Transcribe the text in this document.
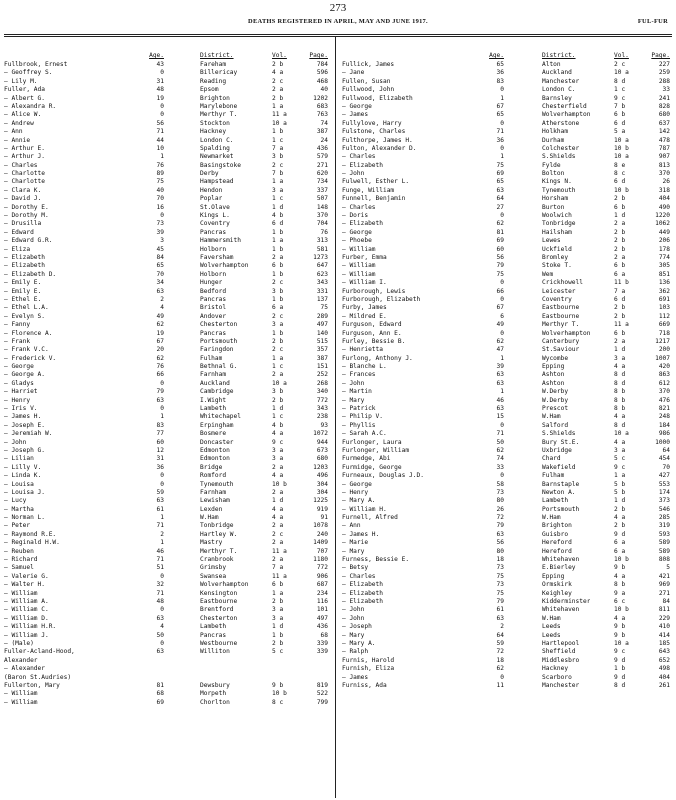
273
DEATHS REGISTERED IN APRIL, MAY AND JUNE 1917.	FUL-FUR
Age.	District.	Vol.	Page.
Fullbrook, Ernest	43	Fareham	2 b	784
— Geoffrey S.	0	Billericay	4 a	596
— Lily M.	31	Reading	2 c	468
Fuller, Ada	48	Epsom	2 a	40
— Albert G.	19	Brighton	2 b	1202
— Alexandra R.	0	Marylebone	1 a	683
— Alice W.	0	Merthyr T.	11 a	763
— Andrew	56	Stockton	10 a	74
— Ann	71	Hackney	1 b	387
— Annie	44	London C.	1 c	24
— Arthur E.	10	Spalding	7 a	436
— Arthur J.	1	Newmarket	3 b	579
— Charles	76	Basingstoke	2 c	271
— Charlotte	89	Derby	7 b	620
— Charlotte	75	Hampstead	1 a	734
— Clara K.	40	Hendon	3 a	337
— David J.	70	Poplar	1 c	507
— Dorothy E.	16	St.Olave	1 d	148
— Dorothy M.	0	Kings L.	4 b	370
— Drusilla	73	Coventry	6 d	704
— Edward	39	Pancras	1 b	76
— Edward G.R.	3	Hammersmith	1 a	313
— Eliza	45	Holborn	1 b	581
— Elizabeth	84	Faversham	2 a	1273
— Elizabeth	65	Wolverhampton	6 b	647
— Elizabeth D.	70	Holborn	1 b	623
— Emily E.	34	Hunger	2 c	343
— Emily E.	63	Bedford	3 b	331
— Ethel E.	2	Pancras	1 b	137
— Ethel L.A.	4	Bristol	6 a	75
— Evelyn S.	49	Andover	2 c	289
— Fanny	62	Chesterton	3 a	497
— Florence A.	19	Pancras	1 b	140
— Frank	67	Portsmouth	2 b	515
— Frank V.C.	20	Faringdon	2 c	357
— Frederick V.	62	Fulham	1 a	387
— George	76	Bethnal G.	1 c	151
— George A.	66	Farnham	2 a	252
— Gladys	0	Auckland	10 a	268
— Harriet	79	Cambridge	3 b	340
— Henry	63	I.Wight	2 b	772
— Iris V.	0	Lambeth	1 d	343
— James H.	1	Whitechapel	1 c	238
— Joseph E.	83	Erpingham	4 b	93
— Jeremiah W.	77	Bosmere	4 a	1072
— John	60	Doncaster	9 c	944
— Joseph G.	12	Edmonton	3 a	673
— Lilian	31	Edmonton	3 a	680
— Lilly V.	36	Bridge	2 a	1203
— Linda K.	0	Romford	4 a	496
— Louisa	0	Tynemouth	10 b	304
— Louisa J.	59	Farnham	2 a	304
— Lucy	63	Lewisham	1 d	1225
— Martha	61	Lexden	4 a	919
— Norman L.	1	W.Ham	4 a	91
— Peter	71	Tonbridge	2 a	1078
— Raymond R.E.	2	Hartley W.	2 c	240
— Reginald H.W.	1	Mastry	2 a	1409
— Reuben	46	Merthyr T.	11 a	707
— Richard	71	Cranbrook	2 a	1180
— Samuel	51	Grimsby	7 a	772
— Valerie G.	0	Swansea	11 a	906
— Walter H.	32	Wolverhampton	6 b	687
— William	71	Kensington	1 a	234
— William A.	48	Eastbourne	2 b	116
— William C.	0	Brentford	3 a	101
— William D.	63	Chesterton	3 a	497
— William H.R.	4	Lambeth	1 d	436
— William J.	50	Pancras	1 b	68
— (Male)	0	Westbourne	2 b	339
Fuller-Acland-Hood,	63	Williton	5 c	339
Alexander
— Alexander
(Baron St.Audries)
Fullerton, Mary	81	Dewsbury	9 b	819
— William	68	Morpeth	10 b	522
— William	69	Chorlton	8 c	799
Age.	District.	Vol.	Page.
Fullick, James	65	Alton	2 c	227
— Jane	36	Auckland	10 a	259
Fullen, Susan	83	Manchester	8 d	288
Fullwood, John	0	London C.	1 c	33
Fullwood, Elizabeth	1	Barnsley	9 c	241
— George	67	Chesterfield	7 b	828
— James	65	Wolverhampton	6 b	680
Fullylove, Harry	0	Atherstone	6 d	637
Fulstone, Charles	71	Holkham	5 a	142
Fulthorpe, James H.	36	Durham	10 a	478
Fulton, Alexander D.	0	Colchester	10 b	787
— Charles	1	S.Shields	10 a	907
— Elizabeth	75	Fylde	8 e	813
— John	69	Bolton	8 c	370
Fulwell, Esther L.	65	Kings N.	6 d	26
Funge, William	63	Tynemouth	10 b	318
Funnell, Benjamin	64	Horsham	2 b	404
— Charles	27	Burton	6 b	490
— Doris	0	Woolwich	1 d	1220
— Elizabeth	62	Tonbridge	2 a	1062
— George	81	Hailsham	2 b	449
— Phoebe	69	Lewes	2 b	206
— William	60	Uckfield	2 b	178
Furber, Emma	56	Bromley	2 a	774
— William	79	Stoke T.	6 b	305
— William	75	Wem	6 a	851
— William I.	0	Crickhowell	11 b	136
Furborough, Lewis	66	Leicester	7 a	362
Furborough, Elizabeth	0	Coventry	6 d	691
Furby, James	67	Eastbourne	2 b	103
— Mildred E.	6	Eastbourne	2 b	112
Furguson, Edward	49	Merthyr T.	11 a	669
Furguson, Ann E.	0	Wolverhampton	6 b	718
Furley, Bessie B.	62	Canterbury	2 a	1217
— Henrietta	47	St.Saviour	1 d	200
Furlong, Anthony J.	1	Wycombe	3 a	1007
— Blanche L.	39	Epping	4 a	420
— Frances	63	Ashton	8 d	863
— John	63	Ashton	8 d	612
— Martin	1	W.Derby	8 b	370
— Mary	46	W.Derby	8 b	476
— Patrick	63	Prescot	8 b	821
— Philip V.	15	W.Ham	4 a	248
— Phyllis	0	Salford	8 d	184
— Sarah A.C.	71	S.Shields	10 a	986
Furlonger, Laura	50	Bury St.E.	4 a	1000
Furlonger, William	62	Uxbridge	3 a	64
Furmedge, Abi	74	Chard	5 c	454
Furmidge, George	33	Wakefield	9 c	70
Furneaux, Douglas J.D.	0	Fulham	1 a	427
— George	58	Barnstaple	5 b	553
— Henry	73	Newton A.	5 b	174
— Mary A.	80	Lambeth	1 d	373
— William H.	26	Portsmouth	2 b	546
Furnell, Alfred	72	W.Ham	4 a	285
— Ann	79	Brighton	2 b	319
— James H.	63	Guisbro	9 d	593
— Marie	56	Hereford	6 a	589
— Mary	80	Hereford	6 a	589
Furness, Bessie E.	18	Whitehaven	10 b	808
— Betsy	73	E.Bierley	9 b	5
— Charles	75	Epping	4 a	421
— Elizabeth	73	Ormskirk	8 b	969
— Elizabeth	75	Keighley	9 a	271
— Elizabeth	79	Kidderminster	6 c	84
— John	61	Whitehaven	10 b	811
— John	63	W.Ham	4 a	229
— Joseph	2	Leeds	9 b	410
— Mary	64	Leeds	9 b	414
— Mary A.	59	Hartlepool	10 a	185
— Ralph	72	Sheffield	9 c	643
Furnis, Harold	18	Middlesbro	9 d	652
Furnish, Eliza	62	Hackney	1 b	498
— James	0	Scarboro	9 d	404
Furniss, Ada	11	Manchester	8 d	261
